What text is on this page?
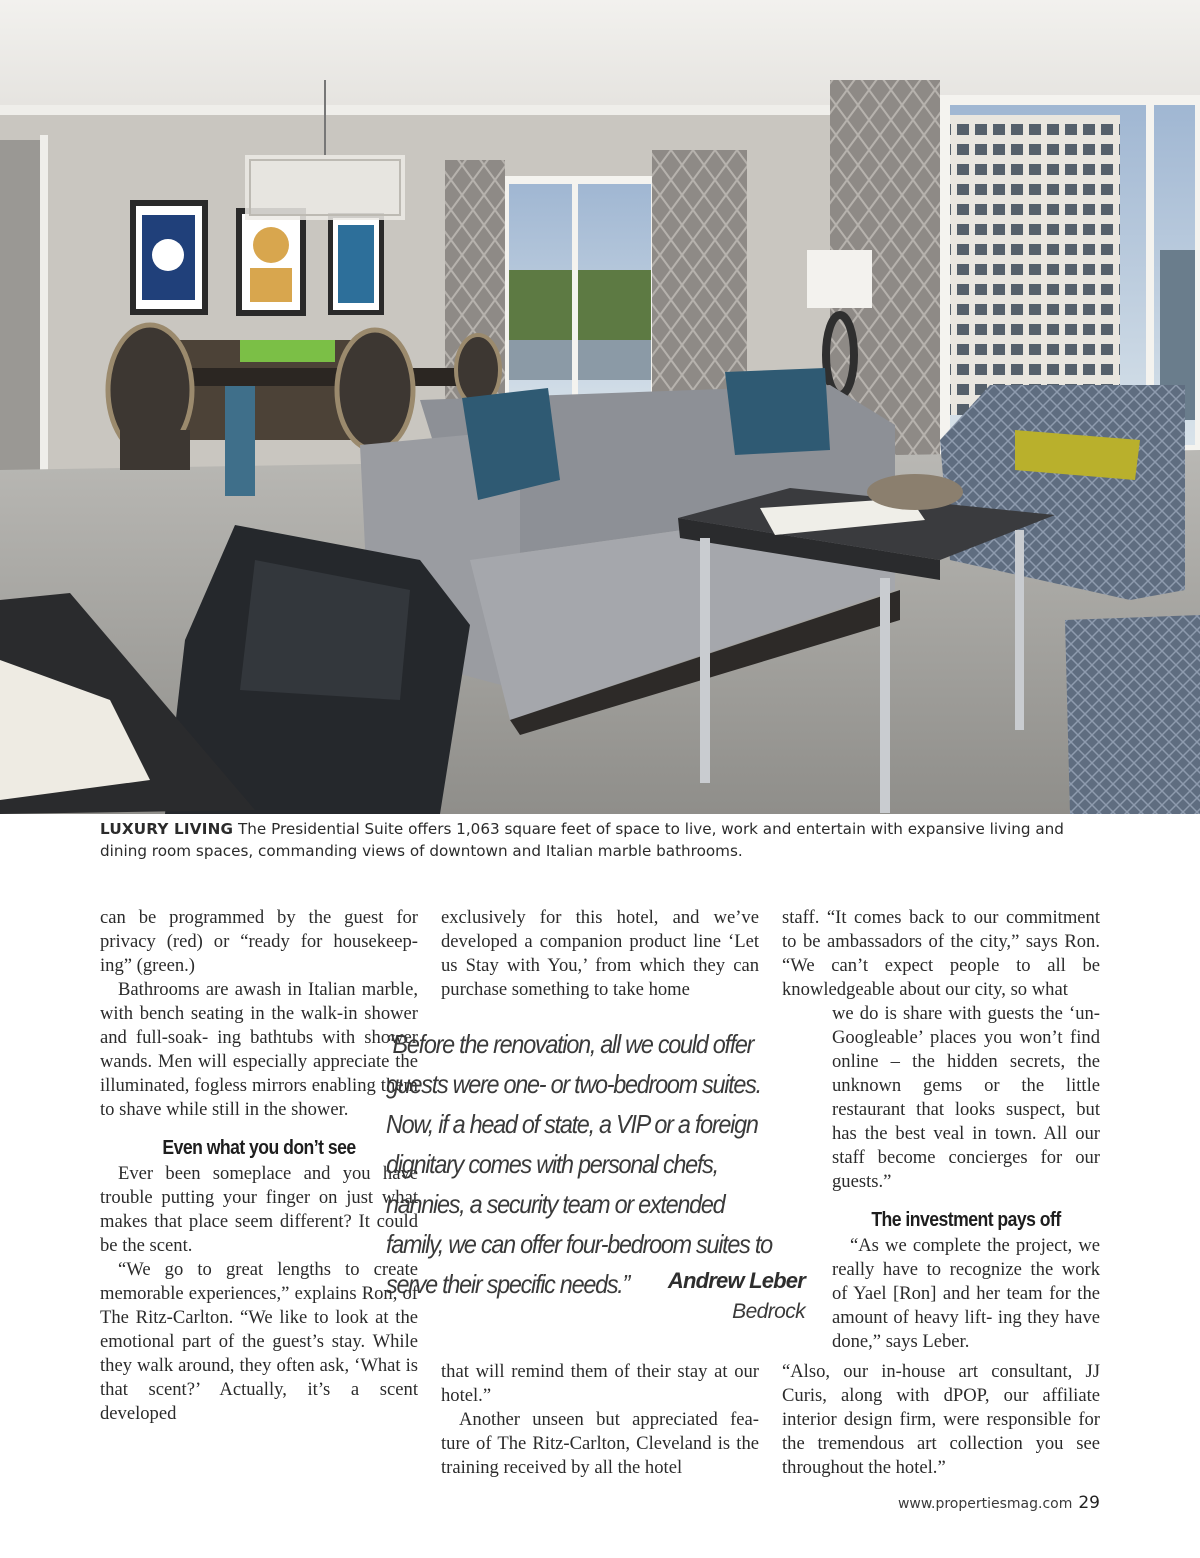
LUXURY LIVING The Presidential Suite offers 1,063 square feet of space to live, work and entertain with expansive living and dining room spaces, commanding views of downtown and Italian marble bathrooms.

can be programmed by the guest for privacy (red) or “ready for housekeep- ing” (green.)

Bathrooms are awash in Italian marble, with bench seating in the walk-in shower and full-soak- ing bathtubs with shower wands. Men will especially appreciate the illuminated, fogless mirrors enabling them to shave while still in the shower.

Even what you don’t see

Ever been someplace and you have trouble putting your finger on just what makes that place seem different? It could be the scent.

“We go to great lengths to create memorable experiences,” explains Ron, of The Ritz-Carlton. “We like to look at the emotional part of the guest’s stay. While they walk around, they often ask, ‘What is that scent?’ Actually, it’s a scent developed

exclusively for this hotel, and we’ve developed a companion product line ‘Let us Stay with You,’ from which they can purchase something to take home

that will remind them of their stay at our hotel.”

Another unseen but appreciated fea- ture of The Ritz-Carlton, Cleveland is the training received by all the hotel

staff. “It comes back to our commitment to be ambassadors of the city,” says Ron. “We can’t expect people to all be knowledgeable about our city, so what

we do is share with guests the ‘un-Googleable’ places you won’t find online – the hidden secrets, the unknown gems or the little restaurant that looks suspect, but has the best veal in town. All our staff become concierges for our guests.”

The investment pays off

“As we complete the project, we really have to recognize the work of Yael [Ron] and her team for the amount of heavy lift- ing they have done,” says Leber.

“Also, our in-house art consultant, JJ Curis, along with dPOP, our affiliate interior design firm, were responsible for the tremendous art collection you see throughout the hotel.”

“Before the renovation, all we could offer guests were one- or two-bedroom suites. Now, if a head of state, a VIP or a foreign dignitary comes with personal chefs, nannies, a security team or extended family, we can offer four-bedroom suites to serve their specific needs.”	Andrew Leber
Bedrock
www.propertiesmag.com 29
